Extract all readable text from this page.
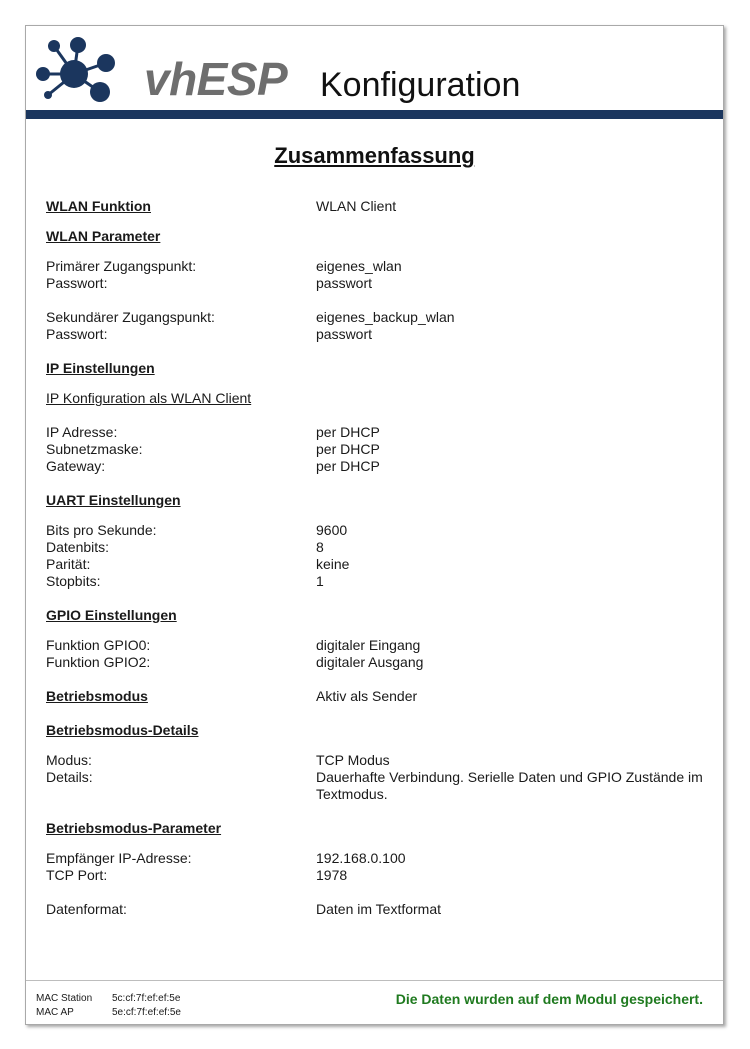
vhESP Konfiguration
Zusammenfassung
WLAN Funktion	WLAN Client
WLAN Parameter
Primärer Zugangspunkt:	eigenes_wlan
Passwort:	passwort
Sekundärer Zugangspunkt:	eigenes_backup_wlan
Passwort:	passwort
IP Einstellungen
IP Konfiguration als WLAN Client
IP Adresse:	per DHCP
Subnetzmaske:	per DHCP
Gateway:	per DHCP
UART Einstellungen
Bits pro Sekunde:	9600
Datenbits:	8
Parität:	keine
Stopbits:	1
GPIO Einstellungen
Funktion GPIO0:	digitaler Eingang
Funktion GPIO2:	digitaler Ausgang
Betriebsmodus	Aktiv als Sender
Betriebsmodus-Details
Modus:	TCP Modus
Details:	Dauerhafte Verbindung. Serielle Daten und GPIO Zustände im Textmodus.
Betriebsmodus-Parameter
Empfänger IP-Adresse:	192.168.0.100
TCP Port:	1978
Datenformat:	Daten im Textformat
MAC Station 5c:cf:7f:ef:ef:5e
MAC AP	5e:cf:7f:ef:ef:5e
Die Daten wurden auf dem Modul gespeichert.
